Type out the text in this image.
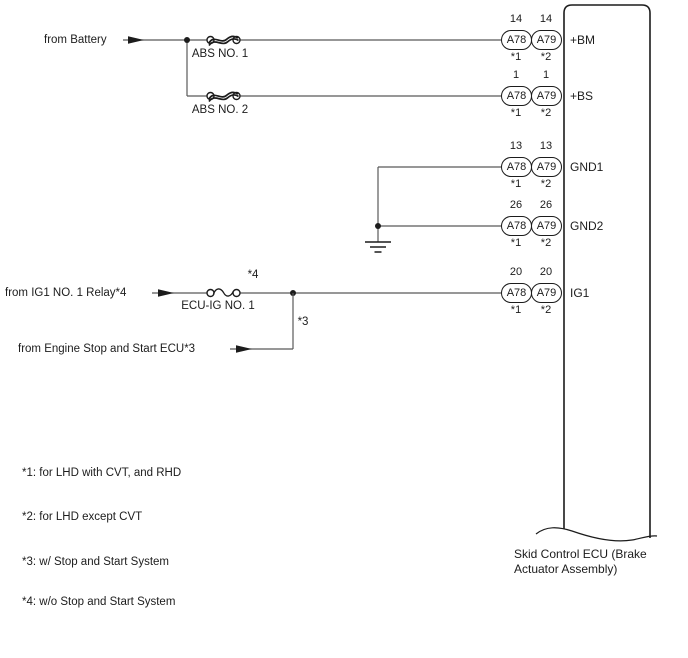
from Battery
from IG1 NO. 1 Relay*4
from Engine Stop and Start ECU*3
ABS NO. 1
ABS NO. 2
ECU-IG NO. 1
*4
*3
14	14
A78 A79
*1	*2
+BM
1	1
A78 A79
*1	*2
+BS
13	13
A78 A79
*1	*2
GND1
26	26
A78 A79
*1	*2
GND2
20	20
A78 A79
*1	*2
IG1
Skid Control ECU (Brake Actuator Assembly)
*1: for LHD with CVT, and RHD
*2: for LHD except CVT
*3: w/ Stop and Start System
*4: w/o Stop and Start System
